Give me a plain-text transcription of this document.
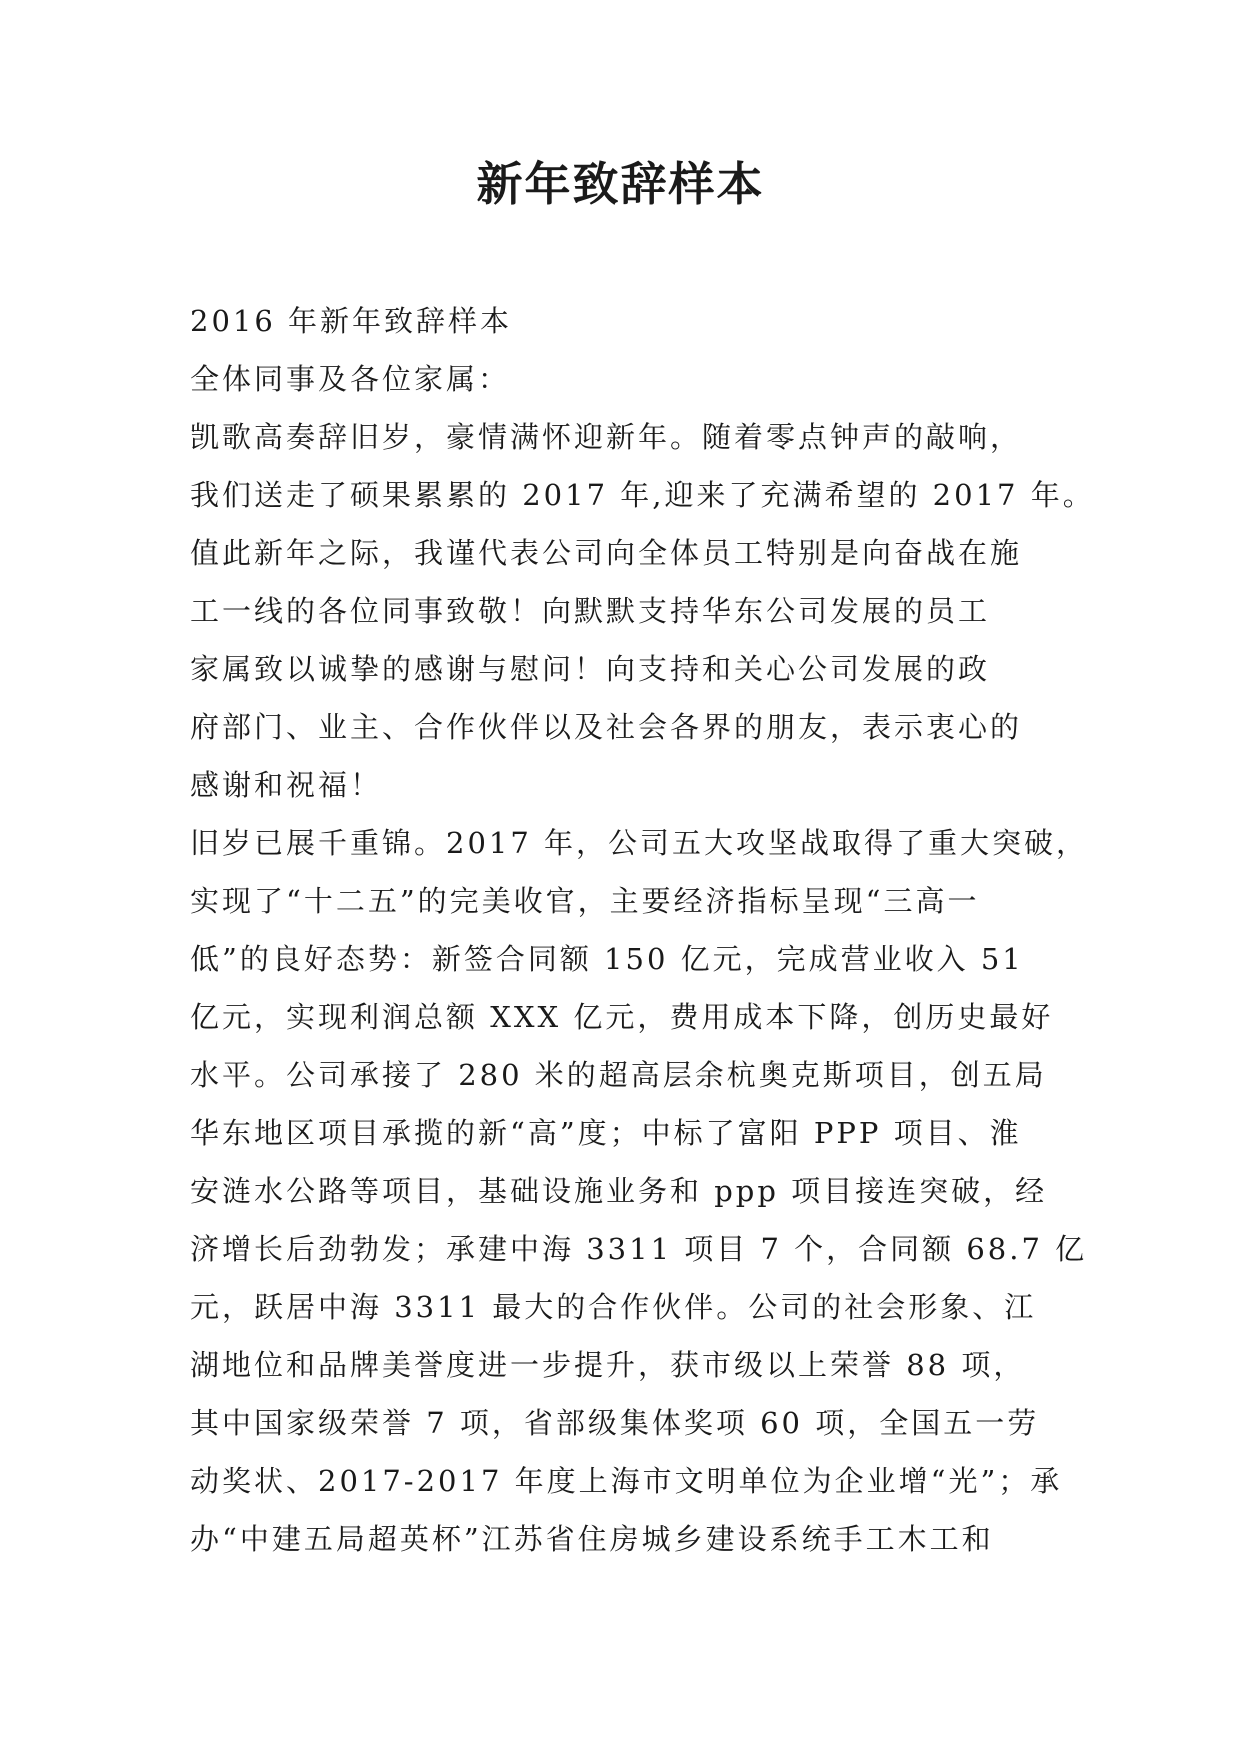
新年致辞样本
2016 年新年致辞样本
全体同事及各位家属：
凯歌高奏辞旧岁，豪情满怀迎新年。随着零点钟声的敲响，
我们送走了硕果累累的 2017 年,迎来了充满希望的 2017 年。
值此新年之际，我谨代表公司向全体员工特别是向奋战在施
工一线的各位同事致敬！向默默支持华东公司发展的员工
家属致以诚挚的感谢与慰问！向支持和关心公司发展的政
府部门、业主、合作伙伴以及社会各界的朋友，表示衷心的
感谢和祝福！
旧岁已展千重锦。2017 年，公司五大攻坚战取得了重大突破，
实现了“十二五”的完美收官，主要经济指标呈现“三高一
低”的良好态势：新签合同额 150 亿元，完成营业收入 51
亿元，实现利润总额 XXX 亿元，费用成本下降，创历史最好
水平。公司承接了 280 米的超高层余杭奥克斯项目，创五局
华东地区项目承揽的新“高”度；中标了富阳 PPP 项目、淮
安涟水公路等项目，基础设施业务和 ppp 项目接连突破，经
济增长后劲勃发；承建中海 3311 项目 7 个，合同额 68.7 亿
元，跃居中海 3311 最大的合作伙伴。公司的社会形象、江
湖地位和品牌美誉度进一步提升，获市级以上荣誉 88 项，
其中国家级荣誉 7 项，省部级集体奖项 60 项，全国五一劳
动奖状、2017-2017 年度上海市文明单位为企业增“光”；承
办“中建五局超英杯”江苏省住房城乡建设系统手工木工和
